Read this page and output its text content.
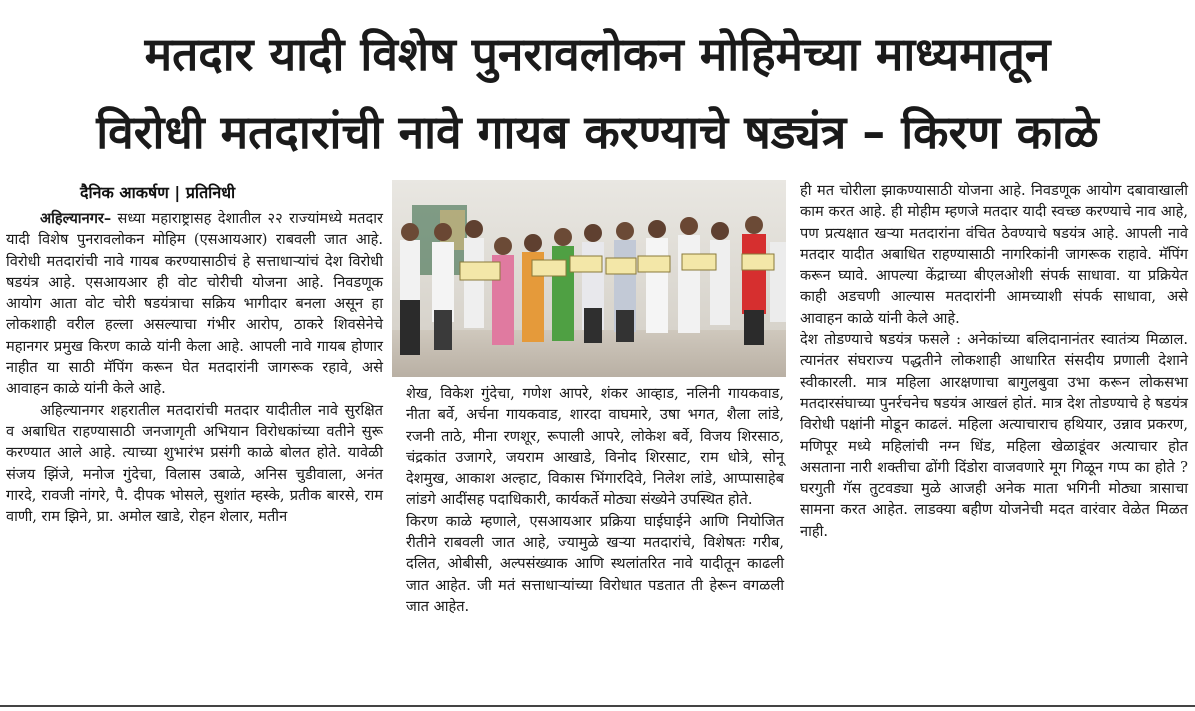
मतदार यादी विशेष पुनरावलोकन मोहिमेच्या माध्यमातून
विरोधी मतदारांची नावे गायब करण्याचे षड्यंत्र – किरण काळे
दैनिक आकर्षण | प्रतिनिधी

अहिल्यानगर– सध्या महाराष्ट्रासह देशातील २२ राज्यांमध्ये मतदार यादी विशेष पुनरावलोकन मोहिम (एसआयआर) राबवली जात आहे. विरोधी मतदारांची नावे गायब करण्यासाठीचं हे सत्ताधाऱ्यांचं देश विरोधी षडयंत्र आहे. एसआयआर ही वोट चोरीची योजना आहे. निवडणूक आयोग आता वोट चोरी षडयंत्राचा सक्रिय भागीदार बनला असून हा लोकशाही वरील हल्ला असल्याचा गंभीर आरोप, ठाकरे शिवसेनेचे महानगर प्रमुख किरण काळे यांनी केला आहे. आपली नावे गायब होणार नाहीत या साठी मॅपिंग करून घेत मतदारांनी जागरूक रहावे, असे आवाहन काळे यांनी केले आहे.

अहिल्यानगर शहरातील मतदारांची मतदार यादीतील नावे सुरक्षित व अबाधित राहण्यासाठी जनजागृती अभियान विरोधकांच्या वतीने सुरू करण्यात आले आहे. त्याच्या शुभारंभ प्रसंगी काळे बोलत होते. यावेळी संजय झिंजे, मनोज गुंदेचा, विलास उबाळे, अनिस चुडीवाला, अनंत गारदे, रावजी नांगरे, पै. दीपक भोसले, सुशांत म्हस्के, प्रतीक बारसे, राम वाणी, राम झिने, प्रा. अमोल खाडे, रोहन शेलार, मतीन

शेख, विकेश गुंदेचा, गणेश आपरे, शंकर आव्हाड, नलिनी गायकवाड, नीता बर्वे, अर्चना गायकवाड, शारदा वाघमारे, उषा भगत, शैला लांडे, रजनी ताठे, मीना रणशूर, रूपाली आपरे, लोकेश बर्वे, विजय शिरसाठ, चंद्रकांत उजागरे, जयराम आखाडे, विनोद शिरसाट, राम धोत्रे, सोनू देशमुख, आकाश अल्हाट, विकास भिंगारदिवे, निलेश लांडे, आप्पासाहेब लांडगे आदींसह पदाधिकारी, कार्यकर्ते मोठ्या संख्येने उपस्थित होते.

किरण काळे म्हणाले, एसआयआर प्रक्रिया घाईघाईने आणि नियोजित रीतीने राबवली जात आहे, ज्यामुळे खऱ्या मतदारांचे, विशेषतः गरीब, दलित, ओबीसी, अल्पसंख्याक आणि स्थलांतरित नावे यादीतून काढली जात आहेत. जी मतं सत्ताधाऱ्यांच्या विरोधात पडतात ती हेरून वगळली जात आहेत.

ही मत चोरीला झाकण्यासाठी योजना आहे. निवडणूक आयोग दबावाखाली काम करत आहे. ही मोहीम म्हणजे मतदार यादी स्वच्छ करण्याचे नाव आहे, पण प्रत्यक्षात खऱ्या मतदारांना वंचित ठेवण्याचे षडयंत्र आहे. आपली नावे मतदार यादीत अबाधित राहण्यासाठी नागरिकांनी जागरूक राहावे. मॅपिंग करून घ्यावे. आपल्या केंद्राच्या बीएलओशी संपर्क साधावा. या प्रक्रियेत काही अडचणी आल्यास मतदारांनी आमच्याशी संपर्क साधावा, असे आवाहन काळे यांनी केले आहे.

देश तोडण्याचे षडयंत्र फसले : अनेकांच्या बलिदानानंतर स्वातंत्र्य मिळाल. त्यानंतर संघराज्य पद्धतीने लोकशाही आधारित संसदीय प्रणाली देशाने स्वीकारली. मात्र महिला आरक्षणाचा बागुलबुवा उभा करून लोकसभा मतदारसंघाच्या पुनर्रचनेच षडयंत्र आखलं होतं. मात्र देश तोडण्याचे हे षडयंत्र विरोधी पक्षांनी मोडून काढलं. महिला अत्याचाराच हथियार, उन्नाव प्रकरण, मणिपूर मध्ये महिलांची नग्न धिंड, महिला खेळाडूंवर अत्याचार होत असताना नारी शक्तीचा ढोंगी दिंडोरा वाजवणारे मूग गिळून गप्प का होते ? घरगुती गॅस तुटवड्या मुळे आजही अनेक माता भगिनी मोठ्या त्रासाचा सामना करत आहेत. लाडक्या बहीण योजनेची मदत वारंवार वेळेत मिळत नाही.
